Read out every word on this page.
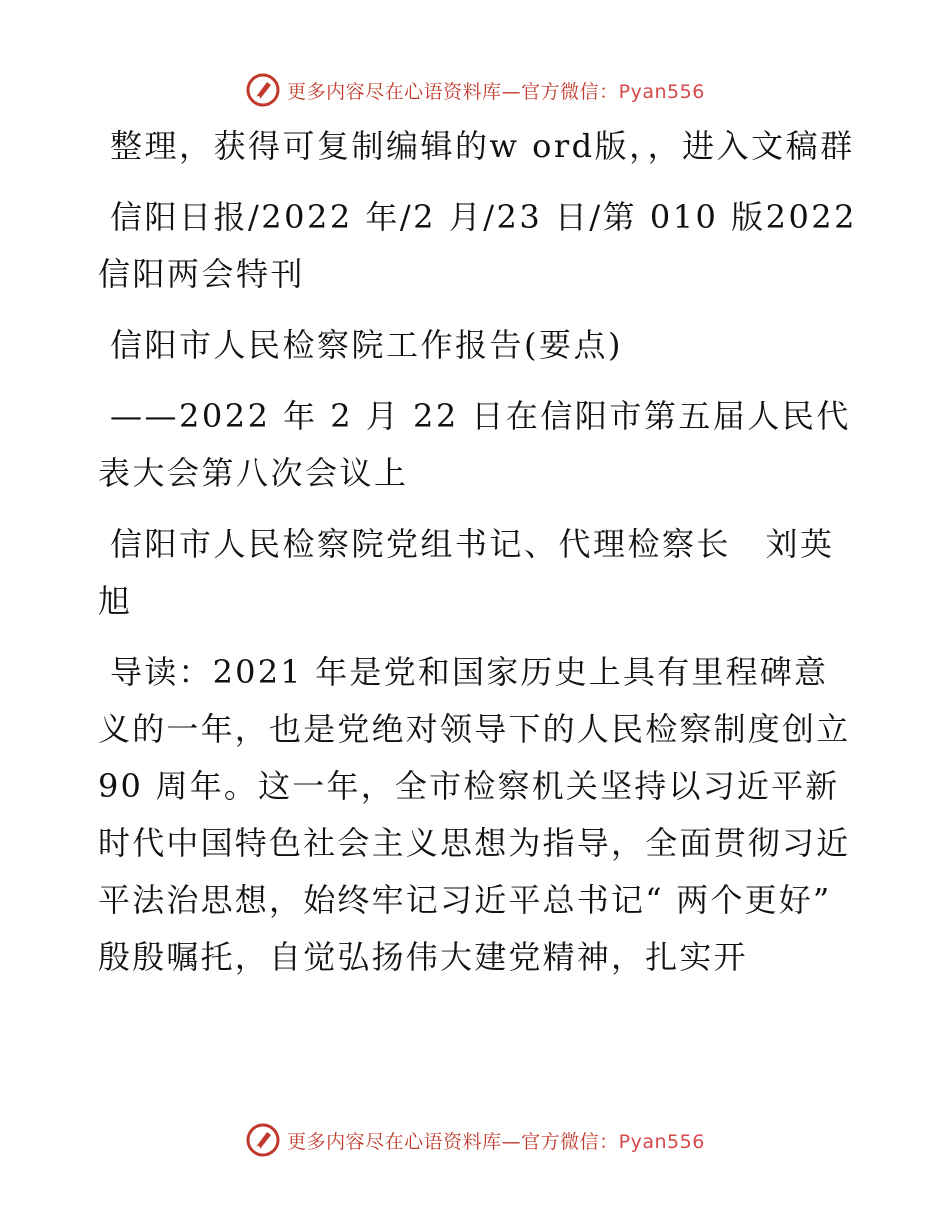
更多内容尽在心语资料库—官方微信：Pyan556

整理，获得可复制编辑的w ord版，，进入文稿群

信阳日报/2022 年/2 月/23 日/第 010 版2022 信阳两会特刊

信阳市人民检察院工作报告(要点)

——2022 年 2 月 22 日在信阳市第五届人民代表大会第八次会议上

信阳市人民检察院党组书记、代理检察长　刘英旭

导读：2021 年是党和国家历史上具有里程碑意义的一年，也是党绝对领导下的人民检察制度创立 90 周年。这一年，全市检察机关坚持以习近平新时代中国特色社会主义思想为指导，全面贯彻习近平法治思想，始终牢记习近平总书记“ 两个更好” 殷殷嘱托，自觉弘扬伟大建党精神，扎实开

更多内容尽在心语资料库—官方微信：Pyan556
